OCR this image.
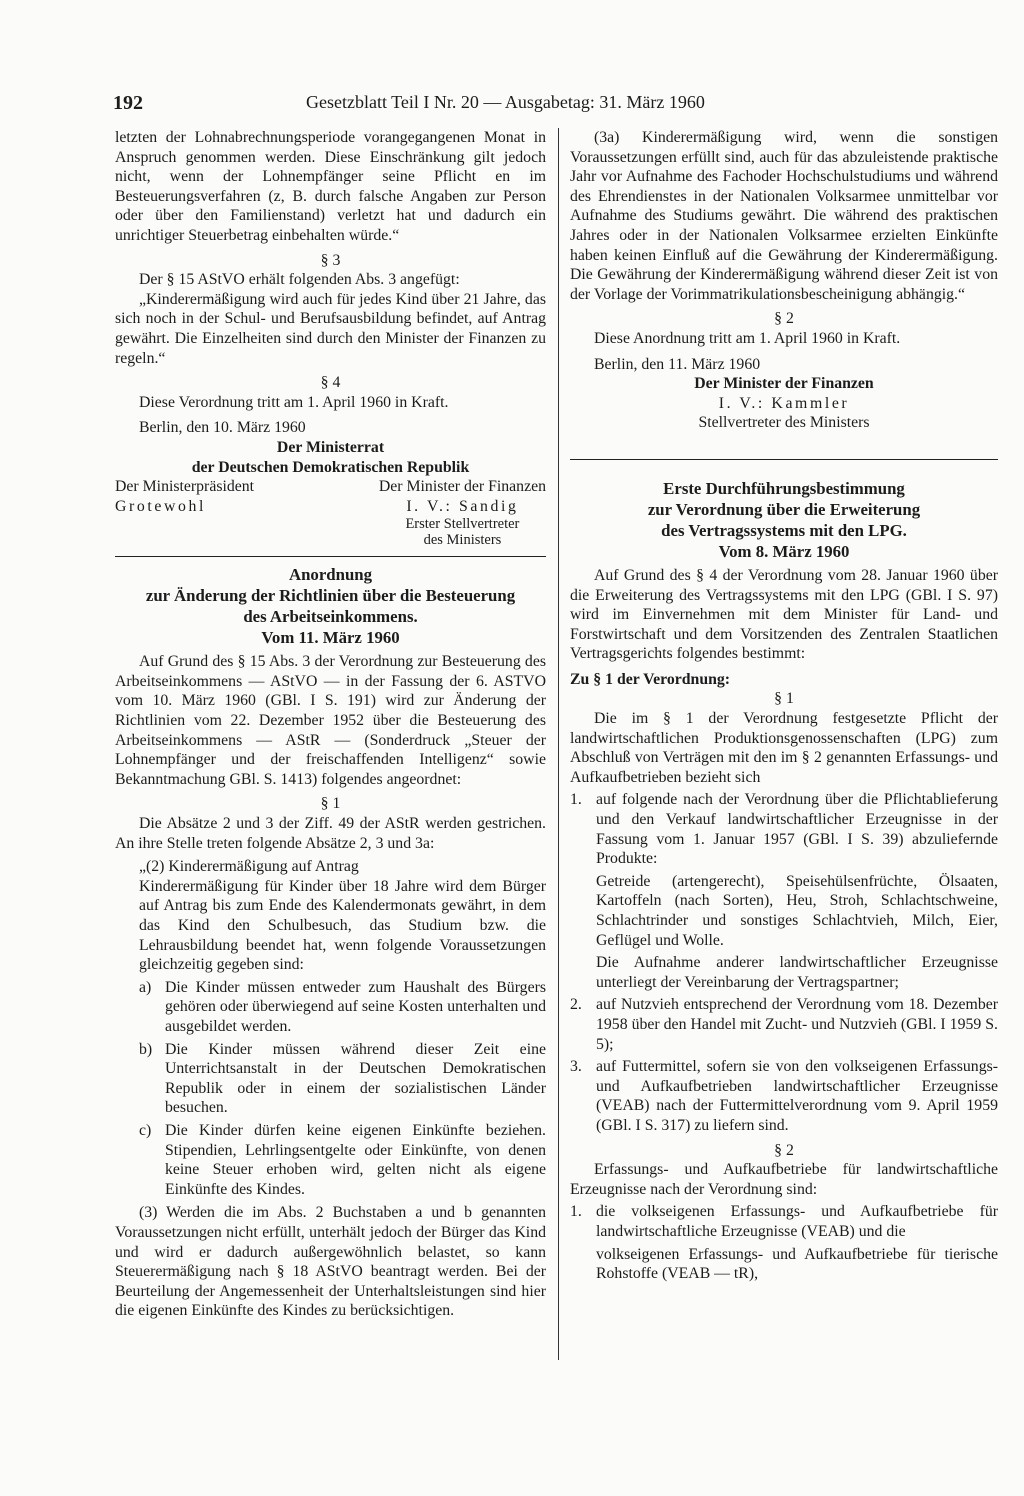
192	Gesetzblatt Teil I Nr. 20 — Ausgabetag: 31. März 1960

letzten der Lohnabrechnungsperiode vorangegangenen Monat in Anspruch genommen werden. Diese Einschränkung gilt jedoch nicht, wenn der Lohnempfänger seine Pflicht en im Besteuerungsverfahren (z, B. durch falsche Angaben zur Person oder über den Familienstand) verletzt hat und dadurch ein unrichtiger Steuerbetrag einbehalten würde.“

§ 3

Der § 15 AStVO erhält folgenden Abs. 3 angefügt:

„Kinderermäßigung wird auch für jedes Kind über 21 Jahre, das sich noch in der Schul- und Berufsausbildung befindet, auf Antrag gewährt. Die Einzelheiten sind durch den Minister der Finanzen zu regeln.“

§ 4

Diese Verordnung tritt am 1. April 1960 in Kraft.

Berlin, den 10. März 1960

Der Ministerrat
der Deutschen Demokratischen Republik
Der Ministerpräsident
Grotewohl
Der Minister der Finanzen
I. V.: Sandig
Erster Stellvertreter
des Ministers
Anordnung
zur Änderung der Richtlinien über die Besteuerung
des Arbeitseinkommens.
Vom 11. März 1960

Auf Grund des § 15 Abs. 3 der Verordnung zur Besteuerung des Arbeitseinkommens — AStVO — in der Fassung der 6. ASTVO vom 10. März 1960 (GBl. I S. 191) wird zur Änderung der Richtlinien vom 22. Dezember 1952 über die Besteuerung des Arbeitseinkommens — AStR — (Sonderdruck „Steuer der Lohnempfänger und der freischaffenden Intelligenz“ sowie Bekanntmachung GBl. S. 1413) folgendes angeordnet:

§ 1

Die Absätze 2 und 3 der Ziff. 49 der AStR werden gestrichen. An ihre Stelle treten folgende Absätze 2, 3 und 3a:

„(2) Kinderermäßigung auf Antrag

Kinderermäßigung für Kinder über 18 Jahre wird dem Bürger auf Antrag bis zum Ende des Kalendermonats gewährt, in dem das Kind den Schulbesuch, das Studium bzw. die Lehrausbildung beendet hat, wenn folgende Voraussetzungen gleichzeitig gegeben sind:

a) Die Kinder müssen entweder zum Haushalt des Bürgers gehören oder überwiegend auf seine Kosten unterhalten und ausgebildet werden.
b) Die Kinder müssen während dieser Zeit eine Unterrichtsanstalt in der Deutschen Demokratischen Republik oder in einem der sozialistischen Länder besuchen.
c) Die Kinder dürfen keine eigenen Einkünfte beziehen. Stipendien, Lehrlingsentgelte oder Einkünfte, von denen keine Steuer erhoben wird, gelten nicht als eigene Einkünfte des Kindes.

(3) Werden die im Abs. 2 Buchstaben a und b genannten Voraussetzungen nicht erfüllt, unterhält jedoch der Bürger das Kind und wird er dadurch außergewöhnlich belastet, so kann Steuerermäßigung nach § 18 AStVO beantragt werden. Bei der Beurteilung der Angemessenheit der Unterhaltsleistungen sind hier die eigenen Einkünfte des Kindes zu berücksichtigen.

(3a) Kinderermäßigung wird, wenn die sonstigen Voraussetzungen erfüllt sind, auch für das abzuleistende praktische Jahr vor Aufnahme des Fachoder Hochschulstudiums und während des Ehrendienstes in der Nationalen Volksarmee unmittelbar vor Aufnahme des Studiums gewährt. Die während des praktischen Jahres oder in der Nationalen Volksarmee erzielten Einkünfte haben keinen Einfluß auf die Gewährung der Kinderermäßigung. Die Gewährung der Kinderermäßigung während dieser Zeit ist von der Vorlage der Vorimmatrikulationsbescheinigung abhängig.“

§ 2

Diese Anordnung tritt am 1. April 1960 in Kraft.

Berlin, den 11. März 1960

Der Minister der Finanzen
I. V.: Kammler
Stellvertreter des Ministers
Erste Durchführungsbestimmung
zur Verordnung über die Erweiterung
des Vertragssystems mit den LPG.
Vom 8. März 1960

Auf Grund des § 4 der Verordnung vom 28. Januar 1960 über die Erweiterung des Vertragssystems mit den LPG (GBl. I S. 97) wird im Einvernehmen mit dem Minister für Land- und Forstwirtschaft und dem Vorsitzenden des Zentralen Staatlichen Vertragsgerichts folgendes bestimmt:

Zu § 1 der Verordnung:

§ 1

Die im § 1 der Verordnung festgesetzte Pflicht der landwirtschaftlichen Produktionsgenossenschaften (LPG) zum Abschluß von Verträgen mit den im § 2 genannten Erfassungs- und Aufkaufbetrieben bezieht sich

1. auf folgende nach der Verordnung über die Pflichtablieferung und den Verkauf landwirtschaftlicher Erzeugnisse in der Fassung vom 1. Januar 1957 (GBl. I S. 39) abzuliefernde Produkte:

Getreide (artengerecht), Speisehülsenfrüchte, Ölsaaten, Kartoffeln (nach Sorten), Heu, Stroh, Schlachtschweine, Schlachtrinder und sonstiges Schlachtvieh, Milch, Eier, Geflügel und Wolle.

Die Aufnahme anderer landwirtschaftlicher Erzeugnisse unterliegt der Vereinbarung der Vertragspartner;

2. auf Nutzvieh entsprechend der Verordnung vom 18. Dezember 1958 über den Handel mit Zucht- und Nutzvieh (GBl. I 1959 S. 5);
3. auf Futtermittel, sofern sie von den volkseigenen Erfassungs- und Aufkaufbetrieben landwirtschaftlicher Erzeugnisse (VEAB) nach der Futtermittelverordnung vom 9. April 1959 (GBl. I S. 317) zu liefern sind.
§ 2

Erfassungs- und Aufkaufbetriebe für landwirtschaftliche Erzeugnisse nach der Verordnung sind:

1. die volkseigenen Erfassungs- und Aufkaufbetriebe für landwirtschaftliche Erzeugnisse (VEAB) und die

volkseigenen Erfassungs- und Aufkaufbetriebe für tierische Rohstoffe (VEAB — tR),
